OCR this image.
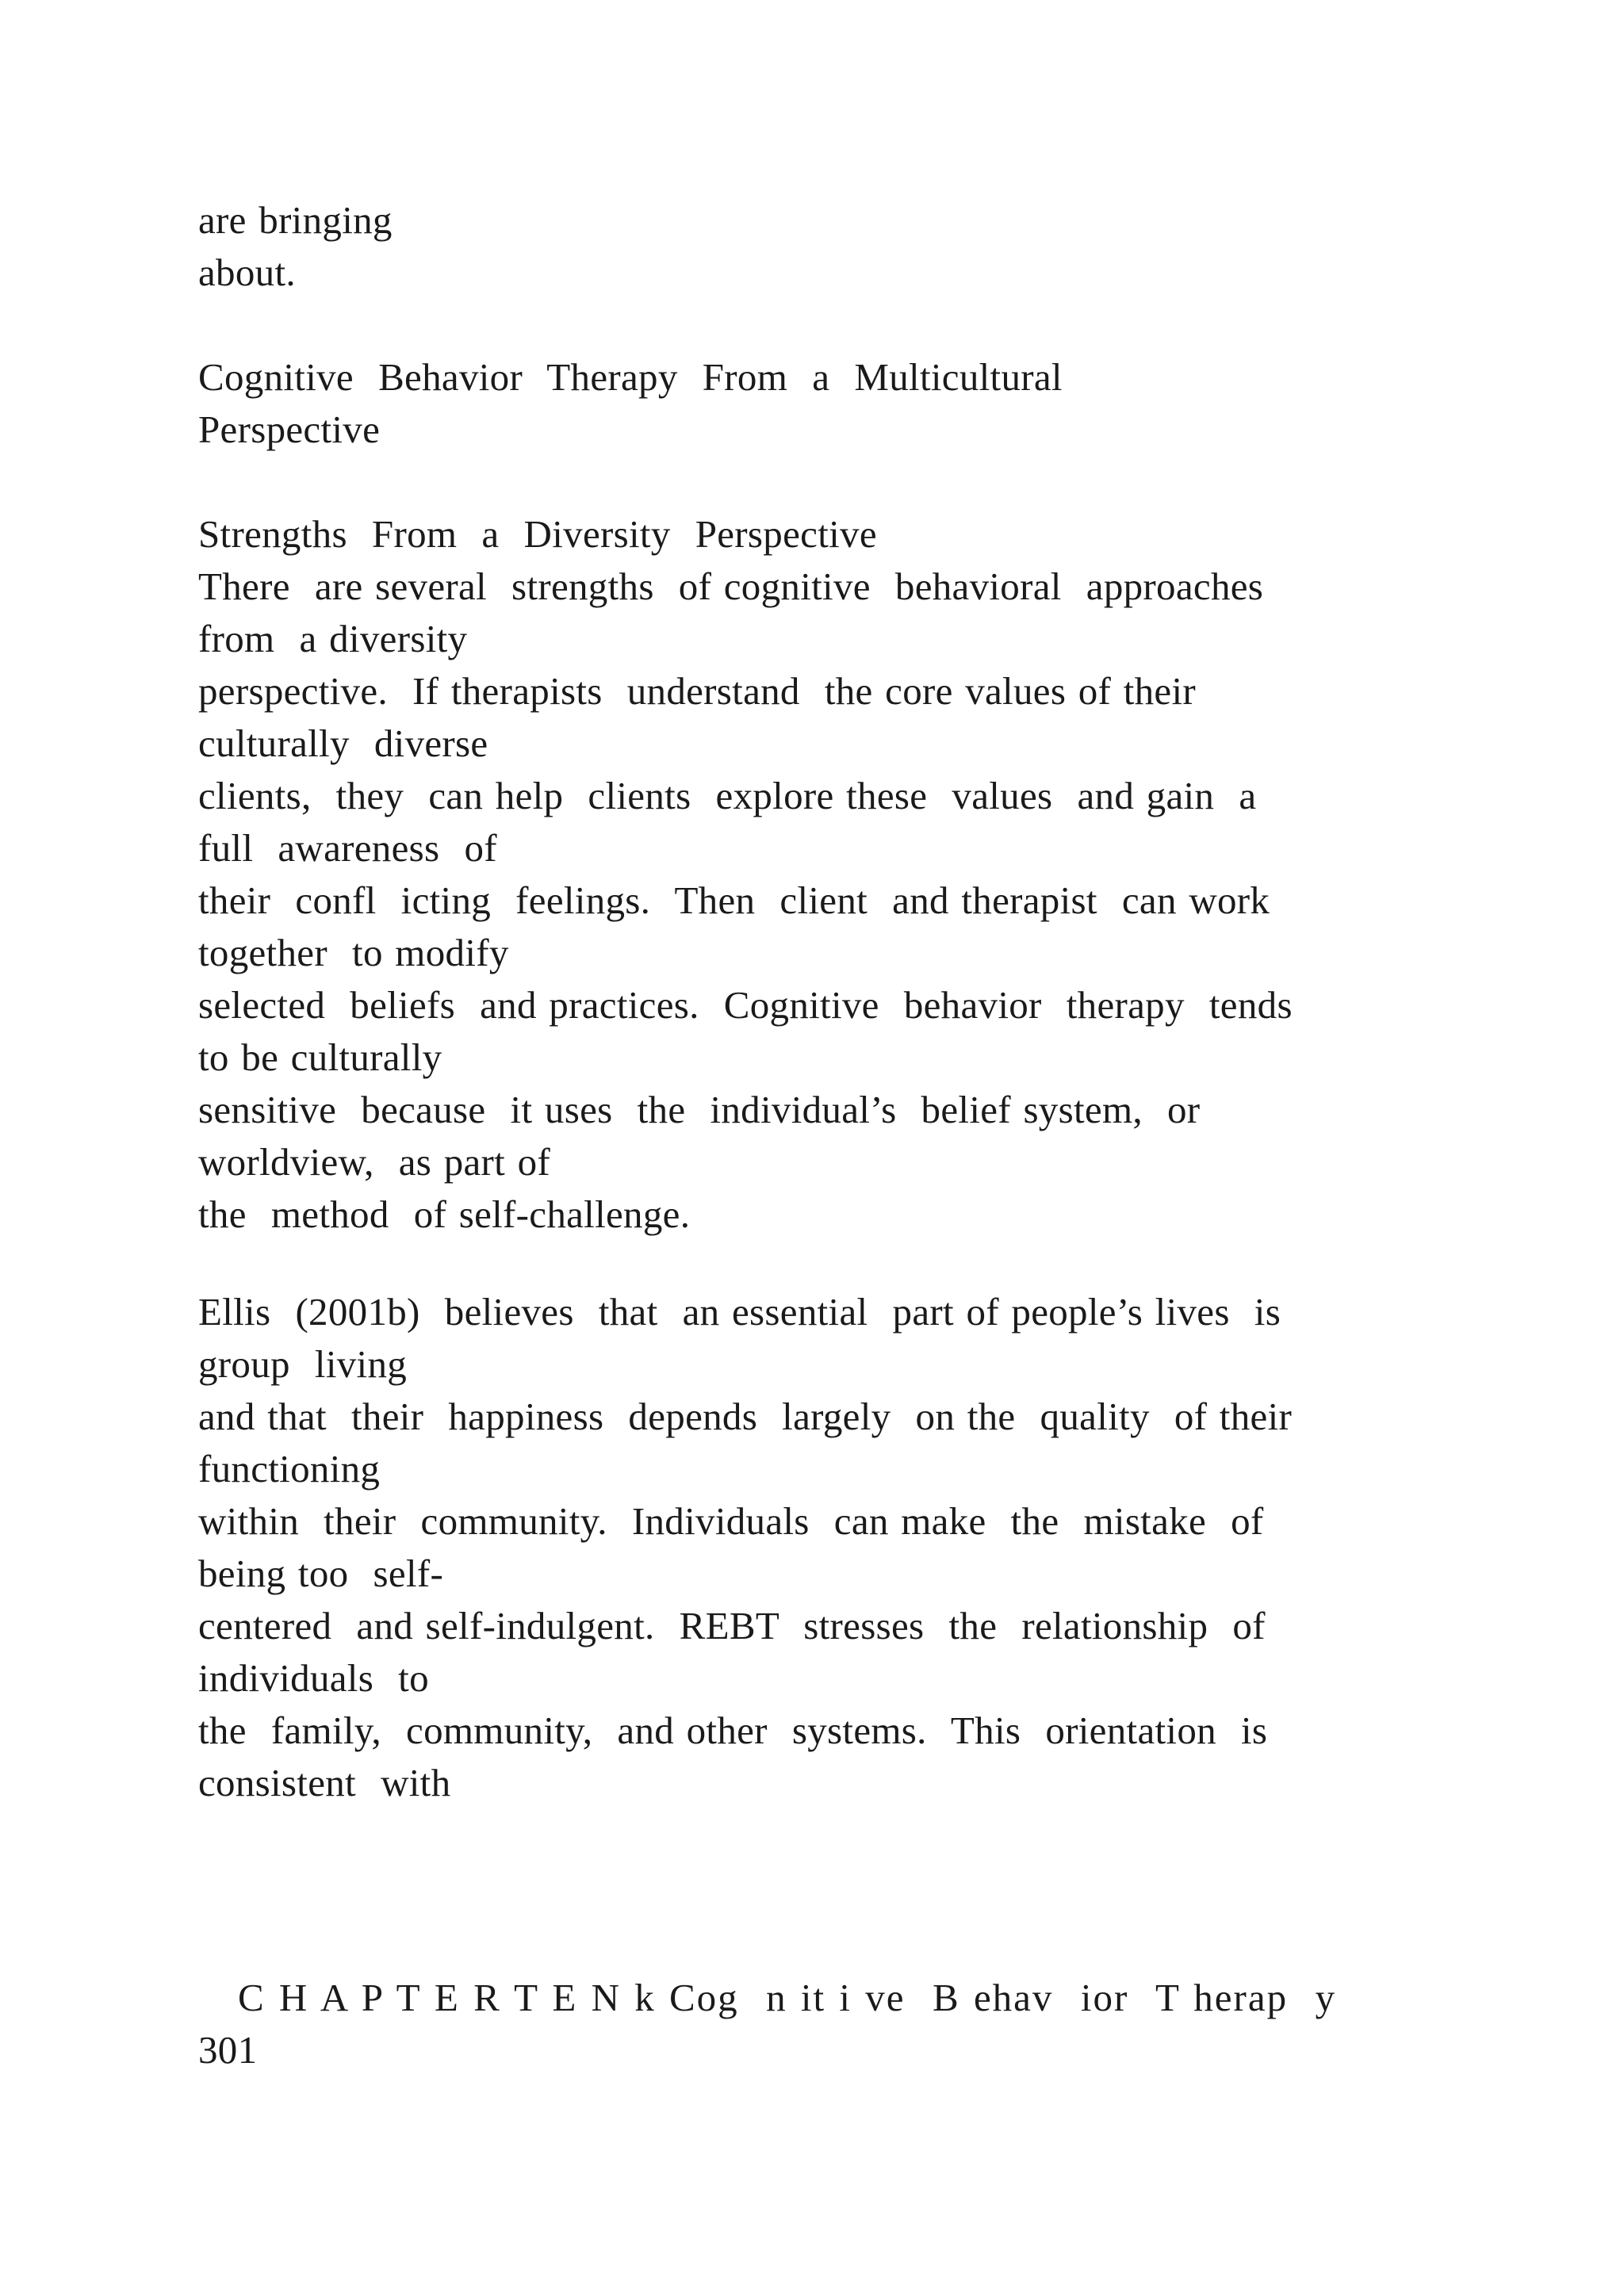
are bringing
about.
Cognitive  Behavior  Therapy  From  a  Multicultural
Perspective
Strengths  From  a  Diversity  Perspective
There  are several  strengths  of cognitive  behavioral  approaches
from  a diversity
perspective.  If therapists  understand  the core values of their
culturally  diverse
clients,  they  can help  clients  explore these  values  and gain  a
full  awareness  of
their  confl  icting  feelings.  Then  client  and therapist  can work
together  to modify
selected  beliefs  and practices.  Cognitive  behavior  therapy  tends
to be culturally
sensitive  because  it uses  the  individual’s  belief system,  or
worldview,  as part of
the  method  of self-challenge.
Ellis  (2001b)  believes  that  an essential  part of people’s lives  is
group  living
and that  their  happiness  depends  largely  on the  quality  of their
functioning
within  their  community.  Individuals  can make  the  mistake  of
being too  self-
centered  and self-indulgent.  REBT  stresses  the  relationship  of
individuals  to
the  family,  community,  and other  systems.  This  orientation  is
consistent  with
C H A P T E R T E N k Cog  n it i ve  B ehav  ior  T herap  y
301
